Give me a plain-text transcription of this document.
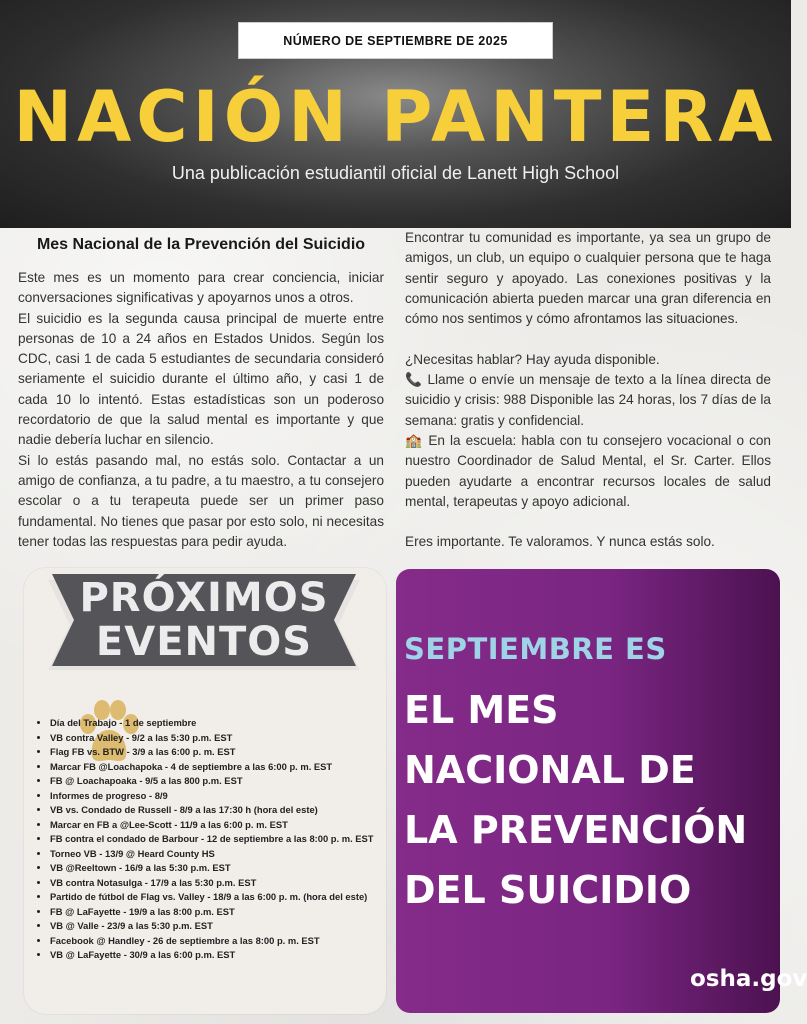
NÚMERO DE SEPTIEMBRE DE 2025
NACIÓN PANTERA
Una publicación estudiantil oficial de Lanett High School
Mes Nacional de la Prevención del Suicidio

Este mes es un momento para crear conciencia, iniciar conversaciones significativas y apoyarnos unos a otros.

El suicidio es la segunda causa principal de muerte entre personas de 10 a 24 años en Estados Unidos. Según los CDC, casi 1 de cada 5 estudiantes de secundaria consideró seriamente el suicidio durante el último año, y casi 1 de cada 10 lo intentó. Estas estadísticas son un poderoso recordatorio de que la salud mental es importante y que nadie debería luchar en silencio.

Si lo estás pasando mal, no estás solo. Contactar a un amigo de confianza, a tu padre, a tu maestro, a tu consejero escolar o a tu terapeuta puede ser un primer paso fundamental. No tienes que pasar por esto solo, ni necesitas tener todas las respuestas para pedir ayuda.

Encontrar tu comunidad es importante, ya sea un grupo de amigos, un club, un equipo o cualquier persona que te haga sentir seguro y apoyado. Las conexiones positivas y la comunicación abierta pueden marcar una gran diferencia en cómo nos sentimos y cómo afrontamos las situaciones.

¿Necesitas hablar? Hay ayuda disponible.

📞 Llame o envíe un mensaje de texto a la línea directa de suicidio y crisis: 988 Disponible las 24 horas, los 7 días de la semana: gratis y confidencial.

🏫 En la escuela: habla con tu consejero vocacional o con nuestro Coordinador de Salud Mental, el Sr. Carter. Ellos pueden ayudarte a encontrar recursos locales de salud mental, terapeutas y apoyo adicional.

Eres importante. Te valoramos. Y nunca estás solo.

PRÓXIMOS
EVENTOS
• Día del Trabajo - 1 de septiembre
• VB contra Valley - 9/2 a las 5:30 p.m. EST
• Flag FB vs. BTW - 3/9 a las 6:00 p. m. EST
• Marcar FB @Loachapoka - 4 de septiembre a las 6:00 p. m. EST
• FB @ Loachapoaka - 9/5 a las 800 p.m. EST
• Informes de progreso - 8/9
• VB vs. Condado de Russell - 8/9 a las 17:30 h (hora del este)
• Marcar en FB a @Lee-Scott - 11/9 a las 6:00 p. m. EST
• FB contra el condado de Barbour - 12 de septiembre a las 8:00 p. m. EST
• Torneo VB - 13/9 @ Heard County HS
• VB @Reeltown - 16/9 a las 5:30 p.m. EST
• VB contra Notasulga - 17/9 a las 5:30 p.m. EST
• Partido de fútbol de Flag vs. Valley - 18/9 a las 6:00 p. m. (hora del este)
• FB @ LaFayette - 19/9 a las 8:00 p.m. EST
• VB @ Valle - 23/9 a las 5:30 p.m. EST
• Facebook @ Handley - 26 de septiembre a las 8:00 p. m. EST
• VB @ LaFayette - 30/9 a las 6:00 p.m. EST
SEPTIEMBRE ES
EL MES
NACIONAL DE
LA PREVENCIÓN
DEL SUICIDIO
osha.gov
